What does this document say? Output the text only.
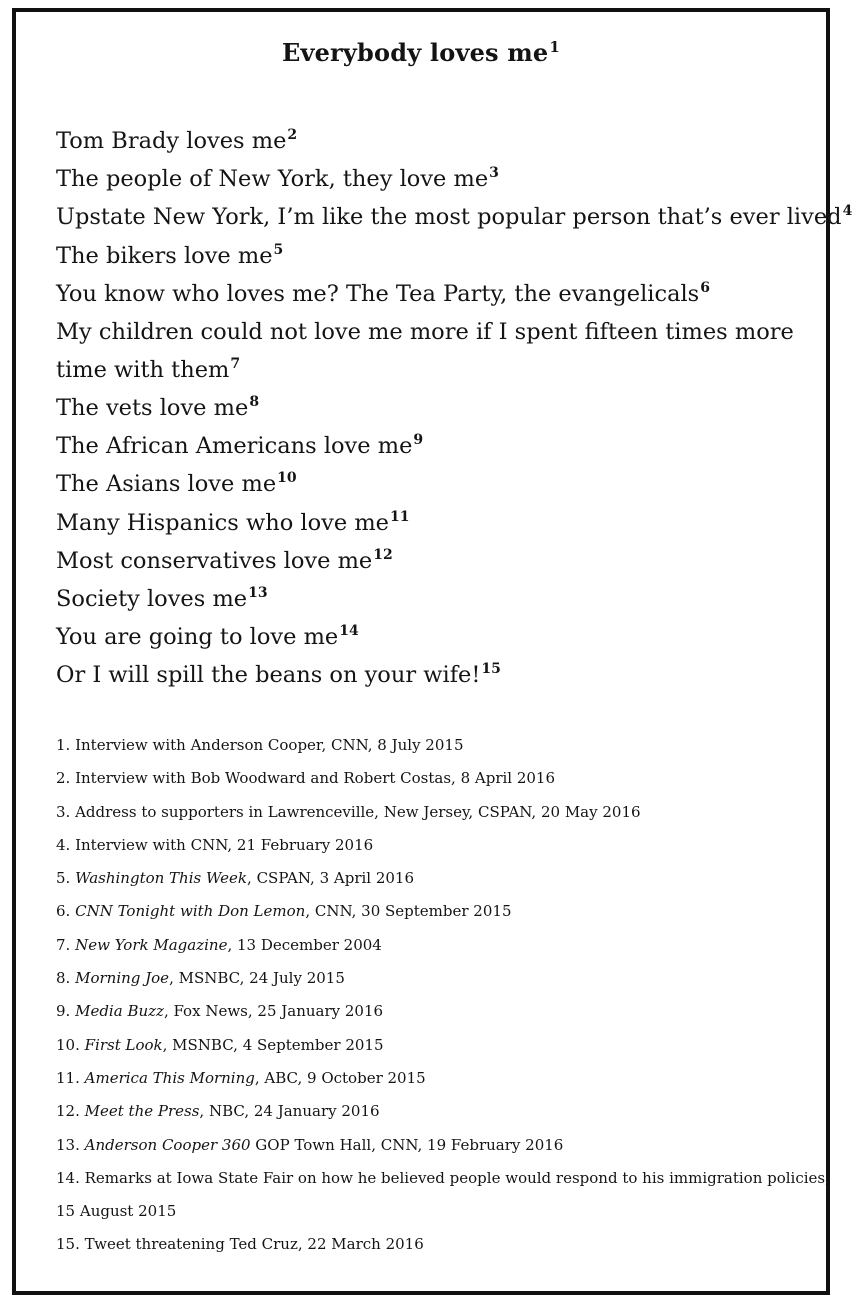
Everybody loves $me^1$
Tom Brady loves $me^2$
The people of New York, they love $me^3$
Upstate New York, I’m like the most popular person that’s ever lived$^4$
The bikers love $me^5$
You know who loves me? The Tea Party, the evangelicals$^6$
My children could not love me more if I spent fifteen times more time with them$^7$
The vets love $me^8$
The African Americans love $me^9$
The Asians love $me^{10}$
Many Hispanics who love $me^{11}$
Most conservatives love $me^{12}$
Society loves $me^{13}$
You are going to love $me^{14}$
Or I will spill the beans on your wife!$^{15}$
1. Interview with Anderson Cooper, CNN, 8 July 2015
2. Interview with Bob Woodward and Robert Costas, 8 April 2016
3. Address to supporters in Lawrenceville, New Jersey, CSPAN, 20 May 2016
4. Interview with CNN, 21 February 2016
5. Washington This Week, CSPAN, 3 April 2016
6. CNN Tonight with Don Lemon, CNN, 30 September 2015
7. New York Magazine, 13 December 2004
8. Morning Joe, MSNBC, 24 July 2015
9. Media Buzz, Fox News, 25 January 2016
10. First Look, MSNBC, 4 September 2015
11. America This Morning, ABC, 9 October 2015
12. Meet the Press, NBC, 24 January 2016
13. Anderson Cooper 360 GOP Town Hall, CNN, 19 February 2016
14. Remarks at Iowa State Fair on how he believed people would respond to his immigration policies,
15 August 2015
15. Tweet threatening Ted Cruz, 22 March 2016
